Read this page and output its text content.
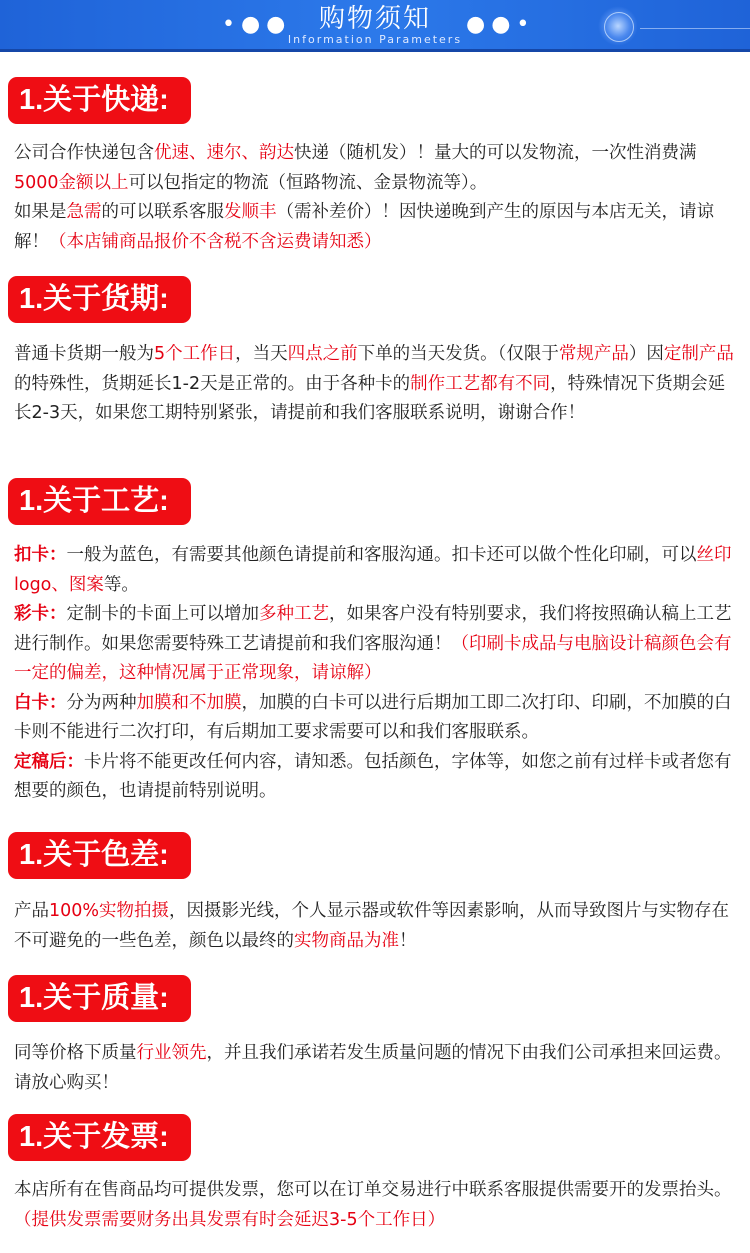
•●●	●●•
购物须知
Information Parameters
1.关于快递:
公司合作快递包含优速、速尔、韵达快递（随机发）！量大的可以发物流，一次性消费满5000金额以上可以包指定的物流（恒路物流、金景物流等）。
如果是急需的可以联系客服发顺丰（需补差价）！因快递晚到产生的原因与本店无关，请谅解！（本店铺商品报价不含税不含运费请知悉）
1.关于货期:
普通卡货期一般为5个工作日，当天四点之前下单的当天发货。（仅限于常规产品）因定制产品的特殊性，货期延长1-2天是正常的。由于各种卡的制作工艺都有不同，特殊情况下货期会延长2-3天，如果您工期特别紧张，请提前和我们客服联系说明，谢谢合作！
1.关于工艺:
扣卡：一般为蓝色，有需要其他颜色请提前和客服沟通。扣卡还可以做个性化印刷，可以丝印logo、图案等。
彩卡：定制卡的卡面上可以增加多种工艺，如果客户没有特别要求，我们将按照确认稿上工艺进行制作。如果您需要特殊工艺请提前和我们客服沟通！（印刷卡成品与电脑设计稿颜色会有一定的偏差，这种情况属于正常现象，请谅解）
白卡：分为两种加膜和不加膜，加膜的白卡可以进行后期加工即二次打印、印刷，不加膜的白卡则不能进行二次打印，有后期加工要求需要可以和我们客服联系。
定稿后：卡片将不能更改任何内容，请知悉。包括颜色，字体等，如您之前有过样卡或者您有想要的颜色，也请提前特别说明。
1.关于色差:
产品100%实物拍摄，因摄影光线，个人显示器或软件等因素影响，从而导致图片与实物存在不可避免的一些色差，颜色以最终的实物商品为准！
1.关于质量:
同等价格下质量行业领先，并且我们承诺若发生质量问题的情况下由我们公司承担来回运费。请放心购买！
1.关于发票:
本店所有在售商品均可提供发票，您可以在订单交易进行中联系客服提供需要开的发票抬头。（提供发票需要财务出具发票有时会延迟3-5个工作日）
